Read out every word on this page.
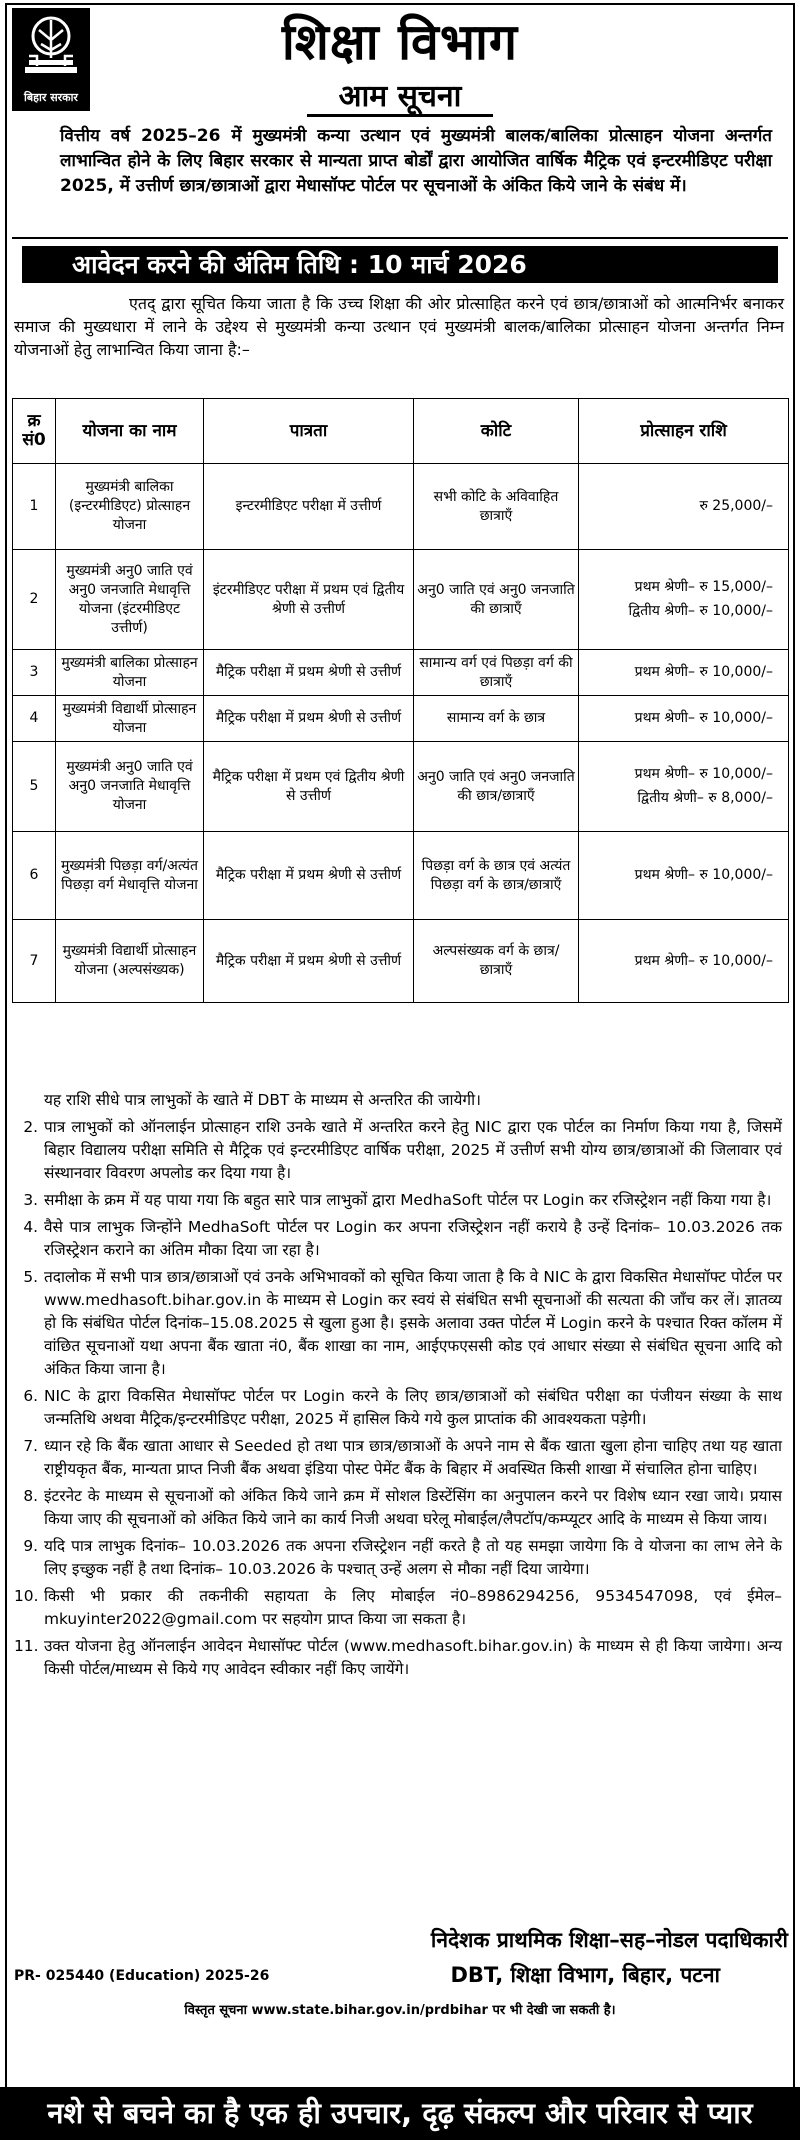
बिहार सरकार
शिक्षा विभाग
आम सूचना
वित्तीय वर्ष 2025–26 में मुख्यमंत्री कन्या उत्थान एवं मुख्यमंत्री बालक/बालिका प्रोत्साहन योजना अन्तर्गत लाभान्वित होने के लिए बिहार सरकार से मान्यता प्राप्त बोर्डों द्वारा आयोजित वार्षिक मैट्रिक एवं इन्टरमीडिएट परीक्षा 2025, में उत्तीर्ण छात्र/छात्राओं द्वारा मेधासॉफ्ट पोर्टल पर सूचनाओं के अंकित किये जाने के संबंध में।
आवेदन करने की अंतिम तिथि : 10 मार्च 2026
एतद् द्वारा सूचित किया जाता है कि उच्च शिक्षा की ओर प्रोत्साहित करने एवं छात्र/छात्राओं को आत्मनिर्भर बनाकर समाज की मुख्यधारा में लाने के उद्देश्य से मुख्यमंत्री कन्या उत्थान एवं मुख्यमंत्री बालक/बालिका प्रोत्साहन योजना अन्तर्गत निम्न योजनाओं हेतु लाभान्वित किया जाना है:–
क्र सं0	योजना का नाम	पात्रता	कोटि	प्रोत्साहन राशि
1	मुख्यमंत्री बालिका (इन्टरमीडिएट) प्रोत्साहन योजना	इन्टरमीडिएट परीक्षा में उत्तीर्ण	सभी कोटि के अविवाहित छात्राएँ	रु 25,000/–

2	मुख्यमंत्री अनु0 जाति एवं अनु0 जनजाति मेधावृत्ति योजना (इंटरमीडिएट उत्तीर्ण)	इंटरमीडिएट परीक्षा में प्रथम एवं द्वितीय श्रेणी से उत्तीर्ण	अनु0 जाति एवं अनु0 जनजाति की छात्राएँ	प्रथम श्रेणी– रु 15,000/–
द्वितीय श्रेणी– रु 10,000/–

3	मुख्यमंत्री बालिका प्रोत्साहन योजना	मैट्रिक परीक्षा में प्रथम श्रेणी से उत्तीर्ण	सामान्य वर्ग एवं पिछड़ा वर्ग की छात्राएँ	प्रथम श्रेणी– रु 10,000/–

4	मुख्यमंत्री विद्यार्थी प्रोत्साहन योजना	मैट्रिक परीक्षा में प्रथम श्रेणी से उत्तीर्ण	सामान्य वर्ग के छात्र	प्रथम श्रेणी– रु 10,000/–

5	मुख्यमंत्री अनु0 जाति एवं अनु0 जनजाति मेधावृत्ति योजना	मैट्रिक परीक्षा में प्रथम एवं द्वितीय श्रेणी से उत्तीर्ण	अनु0 जाति एवं अनु0 जनजाति की छात्र/छात्राएँ	प्रथम श्रेणी– रु 10,000/–
द्वितीय श्रेणी– रु 8,000/–

6	मुख्यमंत्री पिछड़ा वर्ग/अत्यंत पिछड़ा वर्ग मेधावृत्ति योजना	मैट्रिक परीक्षा में प्रथम श्रेणी से उत्तीर्ण	पिछड़ा वर्ग के छात्र एवं अत्यंत पिछड़ा वर्ग के छात्र/छात्राएँ	प्रथम श्रेणी– रु 10,000/–

7	मुख्यमंत्री विद्यार्थी प्रोत्साहन योजना (अल्पसंख्यक)	मैट्रिक परीक्षा में प्रथम श्रेणी से उत्तीर्ण	अल्पसंख्यक वर्ग के छात्र/छात्राएँ	प्रथम श्रेणी– रु 10,000/–
यह राशि सीधे पात्र लाभुकों के खाते में DBT के माध्यम से अन्तरित की जायेगी।
2. पात्र लाभुकों को ऑनलाईन प्रोत्साहन राशि उनके खाते में अन्तरित करने हेतु NIC द्वारा एक पोर्टल का निर्माण किया गया है, जिसमें बिहार विद्यालय परीक्षा समिति से मैट्रिक एवं इन्टरमीडिएट वार्षिक परीक्षा, 2025 में उत्तीर्ण सभी योग्य छात्र/छात्राओं की जिलावार एवं संस्थानवार विवरण अपलोड कर दिया गया है।
3. समीक्षा के क्रम में यह पाया गया कि बहुत सारे पात्र लाभुकों द्वारा MedhaSoft पोर्टल पर Login कर रजिस्ट्रेशन नहीं किया गया है।
4. वैसे पात्र लाभुक जिन्होंने MedhaSoft पोर्टल पर Login कर अपना रजिस्ट्रेशन नहीं कराये है उन्हें दिनांक– 10.03.2026 तक रजिस्ट्रेशन कराने का अंतिम मौका दिया जा रहा है।
5. तदालोक में सभी पात्र छात्र/छात्राओं एवं उनके अभिभावकों को सूचित किया जाता है कि वे NIC के द्वारा विकसित मेधासॉफ्ट पोर्टल पर www.medhasoft.bihar.gov.in के माध्यम से Login कर स्वयं से संबंधित सभी सूचनाओं की सत्यता की जाँच कर लें। ज्ञातव्य हो कि संबंधित पोर्टल दिनांक–15.08.2025 से खुला हुआ है। इसके अलावा उक्त पोर्टल में Login करने के पश्चात रिक्त कॉलम में वांछित सूचनाओं यथा अपना बैंक खाता नं0, बैंक शाखा का नाम, आईएफएससी कोड एवं आधार संख्या से संबंधित सूचना आदि को अंकित किया जाना है।
6. NIC के द्वारा विकसित मेधासॉफ्ट पोर्टल पर Login करने के लिए छात्र/छात्राओं को संबंधित परीक्षा का पंजीयन संख्या के साथ जन्मतिथि अथवा मैट्रिक/इन्टरमीडिएट परीक्षा, 2025 में हासिल किये गये कुल प्राप्तांक की आवश्यकता पड़ेगी।
7. ध्यान रहे कि बैंक खाता आधार से Seeded हो तथा पात्र छात्र/छात्राओं के अपने नाम से बैंक खाता खुला होना चाहिए तथा यह खाता राष्ट्रीयकृत बैंक, मान्यता प्राप्त निजी बैंक अथवा इंडिया पोस्ट पेमेंट बैंक के बिहार में अवस्थित किसी शाखा में संचालित होना चाहिए।
8. इंटरनेट के माध्यम से सूचनाओं को अंकित किये जाने क्रम में सोशल डिस्टेंसिंग का अनुपालन करने पर विशेष ध्यान रखा जाये। प्रयास किया जाए की सूचनाओं को अंकित किये जाने का कार्य निजी अथवा घरेलू मोबाईल/लैपटॉप/कम्प्यूटर आदि के माध्यम से किया जाय।
9. यदि पात्र लाभुक दिनांक– 10.03.2026 तक अपना रजिस्ट्रेशन नहीं करते है तो यह समझा जायेगा कि वे योजना का लाभ लेने के लिए इच्छुक नहीं है तथा दिनांक– 10.03.2026 के पश्चात् उन्हें अलग से मौका नहीं दिया जायेगा।
10. किसी भी प्रकार की तकनीकी सहायता के लिए मोबाईल नं0–8986294256, 9534547098, एवं ईमेल–mkuyinter2022@gmail.com पर सहयोग प्राप्त किया जा सकता है।
11. उक्त योजना हेतु ऑनलाईन आवेदन मेधासॉफ्ट पोर्टल (www.medhasoft.bihar.gov.in) के माध्यम से ही किया जायेगा। अन्य किसी पोर्टल/माध्यम से किये गए आवेदन स्वीकार नहीं किए जायेंगे।
निदेशक प्राथमिक शिक्षा–सह–नोडल पदाधिकारी
PR- 025440 (Education) 2025-26	DBT, शिक्षा विभाग, बिहार, पटना
विस्तृत सूचना www.state.bihar.gov.in/prdbihar पर भी देखी जा सकती है।
नशे से बचने का है एक ही उपचार, दृढ़ संकल्प और परिवार से प्यार
